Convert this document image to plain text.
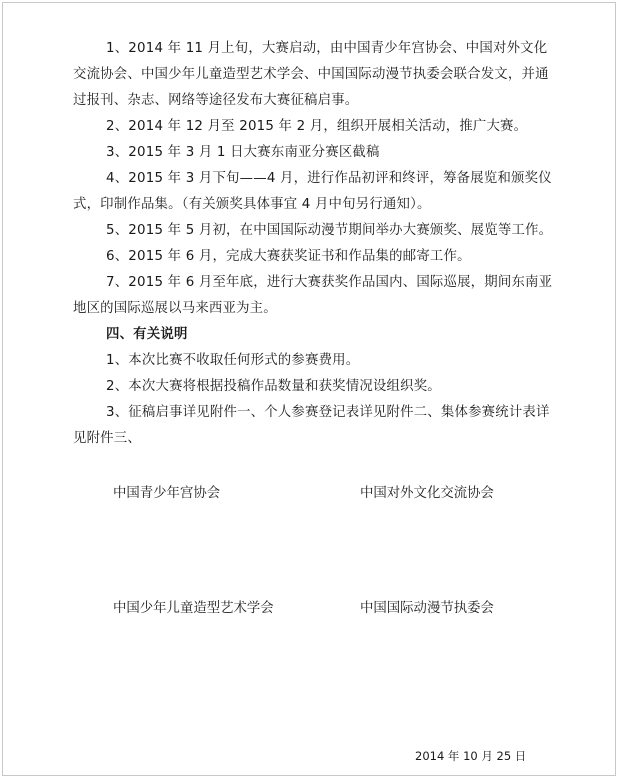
1、2014 年 11 月上旬，大赛启动，由中国青少年宫协会、中国对外文化交流协会、中国少年儿童造型艺术学会、中国国际动漫节执委会联合发文，并通过报刊、杂志、网络等途径发布大赛征稿启事。

2、2014 年 12 月至 2015 年 2 月，组织开展相关活动，推广大赛。

3、2015 年 3 月 1 日大赛东南亚分赛区截稿

4、2015 年 3 月下旬——4 月，进行作品初评和终评，筹备展览和颁奖仪式，印制作品集。（有关颁奖具体事宜 4 月中旬另行通知）。

5、2015 年 5 月初，在中国国际动漫节期间举办大赛颁奖、展览等工作。

6、2015 年 6 月，完成大赛获奖证书和作品集的邮寄工作。

7、2015 年 6 月至年底，进行大赛获奖作品国内、国际巡展，期间东南亚地区的国际巡展以马来西亚为主。

四、有关说明

1、本次比赛不收取任何形式的参赛费用。

2、本次大赛将根据投稿作品数量和获奖情况设组织奖。

3、征稿启事详见附件一、个人参赛登记表详见附件二、集体参赛统计表详见附件三、

中国青少年宫协会	中国对外文化交流协会

中国少年儿童造型艺术学会	中国国际动漫节执委会

2014 年 10 月 25 日
